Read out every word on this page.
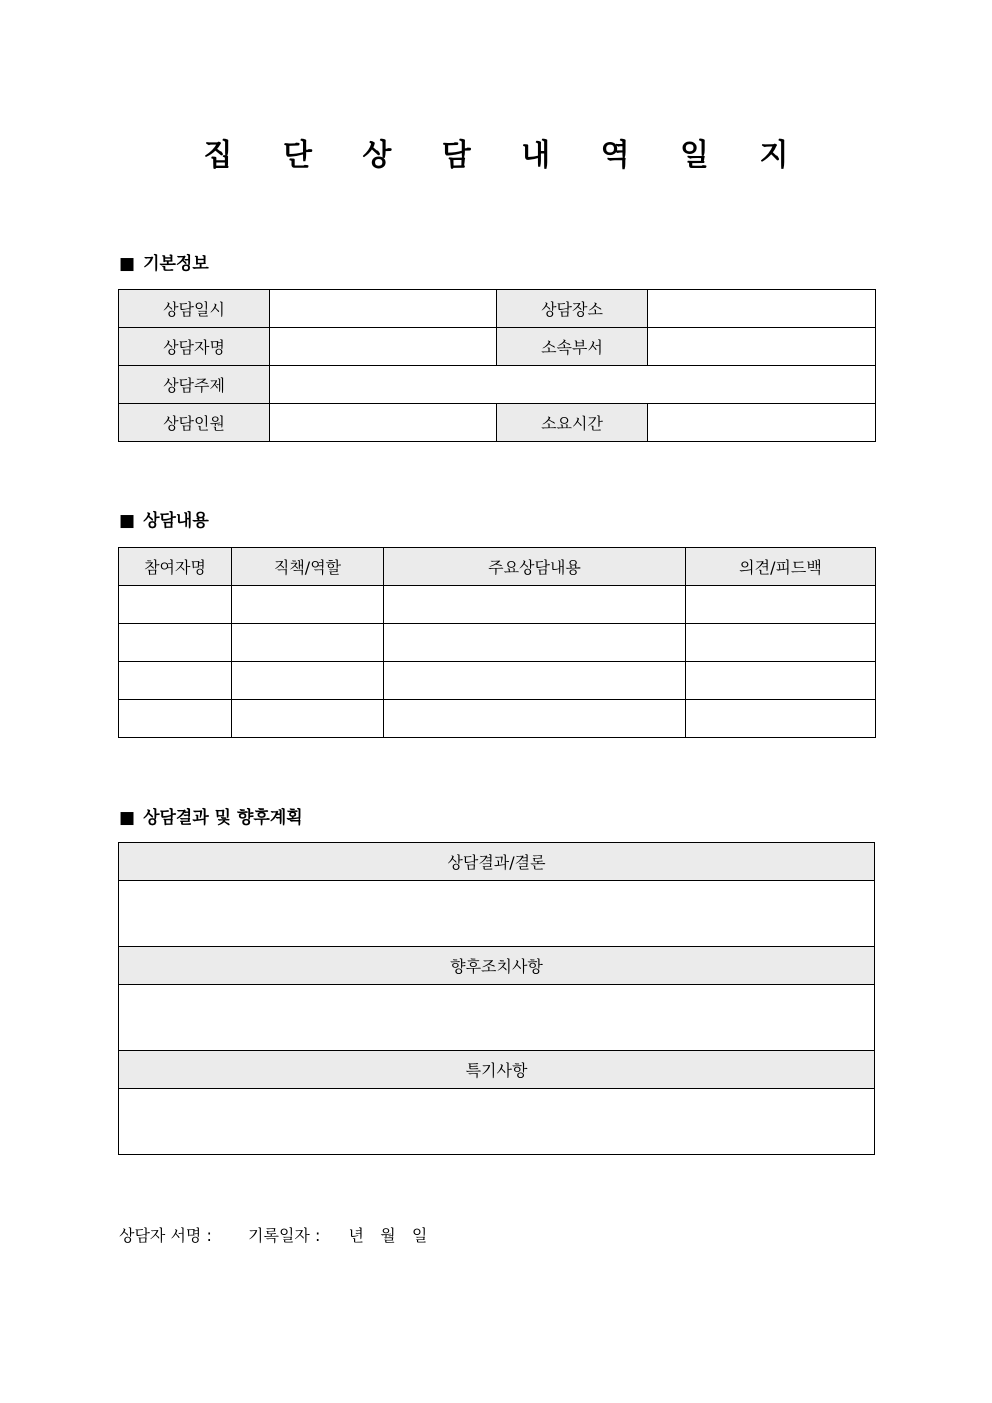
집 단 상 담 내 역 일 지
■ 기본정보
상담일시		상담장소	
상담자명		소속부서	
상담주제			
상담인원		소요시간	
■ 상담내용
참여자명	직책/역할	주요상담내용	의견/피드백

■ 상담결과 및 향후계획
상담결과/결론

향후조치사항

특기사항

상담자 서명 : 기록일자 : 년 월 일
